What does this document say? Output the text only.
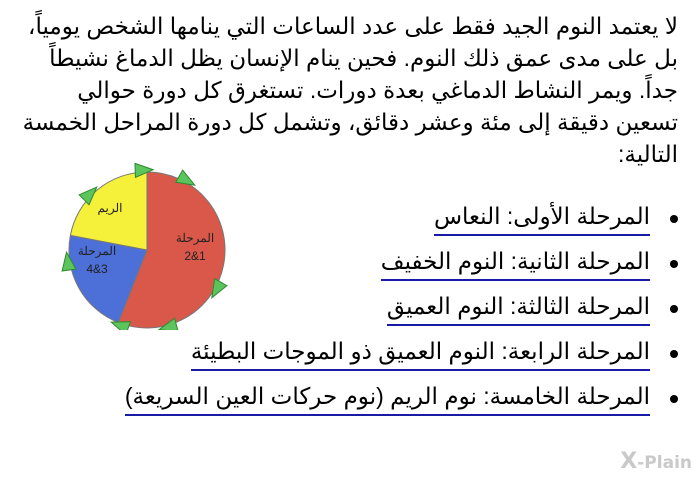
لا يعتمد النوم الجيد فقط على عدد الساعات التي ينامها الشخص يومياً، بل على مدى عمق ذلك النوم. فحين ينام الإنسان يظل الدماغ نشيطاً جداً. ويمر النشاط الدماغي بعدة دورات. تستغرق كل دورة حوالي تسعين دقيقة إلى مئة وعشر دقائق، وتشمل كل دورة المراحل الخمسة التالية:

المرحلة
2&1
المرحلة
4&3
الريم	المرحلة الأولى: النعاس
المرحلة الثانية: النوم الخفيف
المرحلة الثالثة: النوم العميق
المرحلة الرابعة: النوم العميق ذو الموجات البطيئة
المرحلة الخامسة: نوم الريم (نوم حركات العين السريعة)
X-Plain
